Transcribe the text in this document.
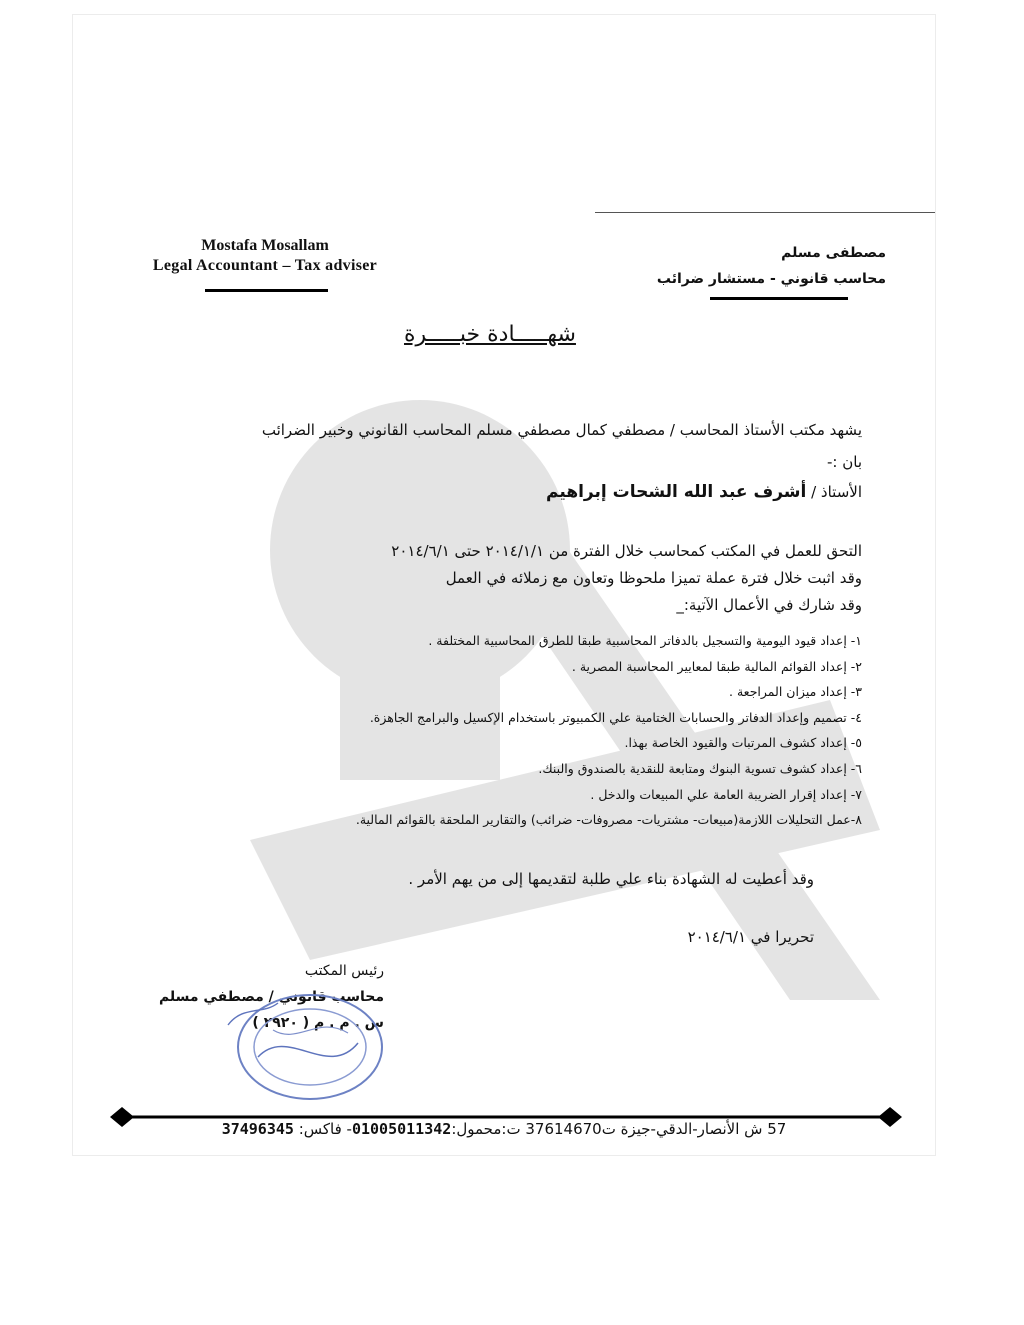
Mostafa Mosallam
Legal Accountant – Tax adviser
مصطفى مسلم
محاسب قانوني - مستشار ضرائب
شهـــــادة خبـــــرة
يشهد مكتب الأستاذ المحاسب / مصطفي كمال مصطفي مسلم المحاسب القانوني وخبير الضرائب
بان :-
الأستاذ / أشرف عبد الله الشحات إبراهيم
التحق للعمل في المكتب كمحاسب خلال الفترة من ٢٠١٤/١/١ حتى ٢٠١٤/٦/١
وقد اثبت خلال فترة عملة تميزا ملحوظا وتعاون مع زملائه في العمل
وقد شارك في الأعمال الآتية:_
١- إعداد قيود اليومية والتسجيل بالدفاتر المحاسبية طبقا للطرق المحاسبية المختلفة .
٢- إعداد القوائم المالية طبقا لمعايير المحاسبة المصرية .
٣- إعداد ميزان المراجعة .
٤- تصميم وإعداد الدفاتر والحسابات الختامية علي الكمبيوتر باستخدام الإكسيل والبرامج الجاهزة.
٥- إعداد كشوف المرتبات والقيود الخاصة بهذا.
٦- إعداد كشوف تسوية البنوك ومتابعة للنقدية بالصندوق والبنك.
٧- إعداد إقرار الضريبة العامة علي المبيعات والدخل .
٨-عمل التحليلات اللازمة(مبيعات- مشتريات- مصروفات- ضرائب) والتقارير الملحقة بالقوائم المالية.
وقد أعطيت له الشهادة بناء علي طلبة لتقديمها إلى من يهم الأمر .
تحريرا في ٢٠١٤/٦/١
رئيس المكتب
محاسب قانوني / مصطفي مسلم
س . م . م ( ٢٩٢٠ )
57 ش الأنصار-الدقي-جيزة ت37614670 ت:محمول:01005011342- فاكس: 37496345
